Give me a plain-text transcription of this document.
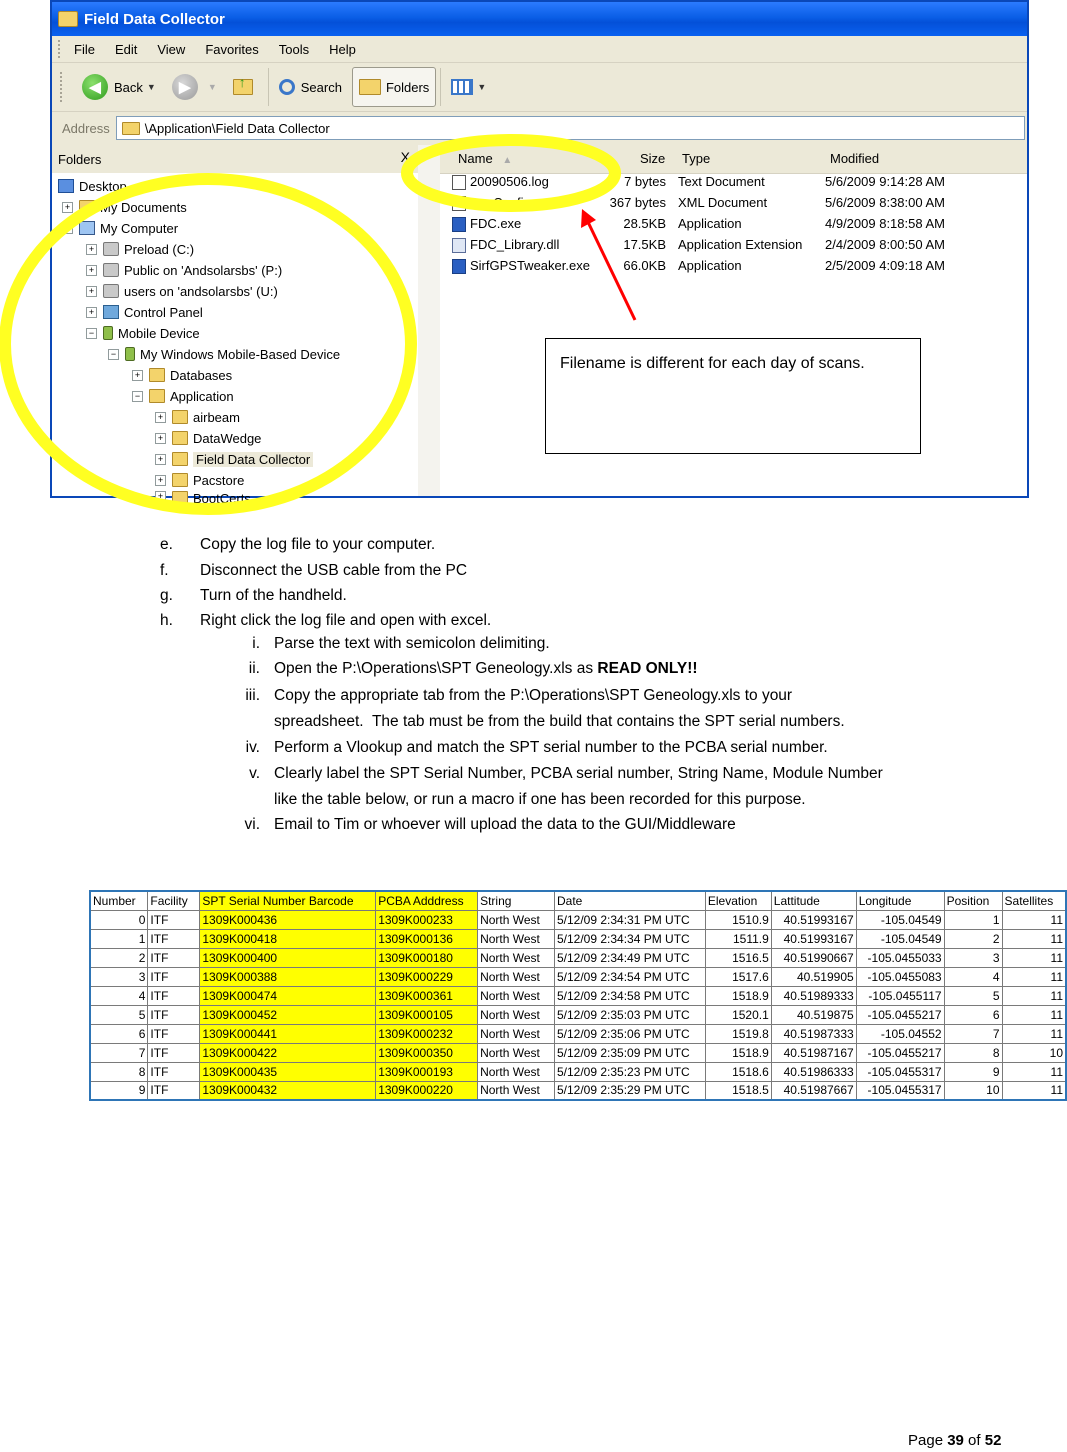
Field Data Collector
File	Edit	View	Favorites	Tools	Help
◀	Back ▼	▶	▼ ↑	Search	Folders	▼
Address	\Application\Field Data Collector
Folders	X
Desktop
+ My Documents
− My Computer
+ Preload (C:)
+ Public on 'Andsolarsbs' (P:)
+ users on 'andsolarsbs' (U:)
+ Control Panel
− Mobile Device
− My Windows Mobile-Based Device
+ Databases
− Application
+ airbeam
+ DataWedge
+	Field Data Collector
+ Pacstore
+ BootCerts
Name ▲	Size Type	Modified
20090506.log	7 bytes Text Document	5/6/2009 9:14:28 AM
AppConfig.xml	367 bytes XML Document	5/6/2009 8:38:00 AM
FDC.exe	28.5KB Application	4/9/2009 8:18:58 AM
FDC_Library.dll	17.5KB Application Extension 2/4/2009 8:00:50 AM
SirfGPSTweaker.exe	66.0KB Application	2/5/2009 4:09:18 AM
Filename is different for each day of scans.
e. Copy the log file to your computer.
f. Disconnect the USB cable from the PC
g. Turn of the handheld.
h. Right click the log file and open with excel.
i. Parse the text with semicolon delimiting.
ii. Open the P:\Operations\SPT Geneology.xls as READ ONLY!!
iii. Copy the appropriate tab from the P:\Operations\SPT Geneology.xls to your
spreadsheet.  The tab must be from the build that contains the SPT serial numbers.
iv. Perform a Vlookup and match the SPT serial number to the PCBA serial number.
v. Clearly label the SPT Serial Number, PCBA serial number, String Name, Module Number
like the table below, or run a macro if one has been recorded for this purpose.
vi. Email to Tim or whoever will upload the data to the GUI/Middleware
Number	Facility	SPT Serial Number Barcode	PCBA Adddress	String	Date	Elevation	Lattitude	Longitude	Position	Satellites
0	ITF	1309K000436	1309K000233	North West	5/12/09 2:34:31 PM UTC	1510.9	40.51993167	-105.04549	1	11
1	ITF	1309K000418	1309K000136	North West	5/12/09 2:34:34 PM UTC	1511.9	40.51993167	-105.04549	2	11
2	ITF	1309K000400	1309K000180	North West	5/12/09 2:34:49 PM UTC	1516.5	40.51990667	-105.0455033	3	11
3	ITF	1309K000388	1309K000229	North West	5/12/09 2:34:54 PM UTC	1517.6	40.519905	-105.0455083	4	11
4	ITF	1309K000474	1309K000361	North West	5/12/09 2:34:58 PM UTC	1518.9	40.51989333	-105.0455117	5	11
5	ITF	1309K000452	1309K000105	North West	5/12/09 2:35:03 PM UTC	1520.1	40.519875	-105.0455217	6	11
6	ITF	1309K000441	1309K000232	North West	5/12/09 2:35:06 PM UTC	1519.8	40.51987333	-105.04552	7	11
7	ITF	1309K000422	1309K000350	North West	5/12/09 2:35:09 PM UTC	1518.9	40.51987167	-105.0455217	8	10
8	ITF	1309K000435	1309K000193	North West	5/12/09 2:35:23 PM UTC	1518.6	40.51986333	-105.0455317	9	11
9	ITF	1309K000432	1309K000220	North West	5/12/09 2:35:29 PM UTC	1518.5	40.51987667	-105.0455317	10	11
Page 39 of 52
